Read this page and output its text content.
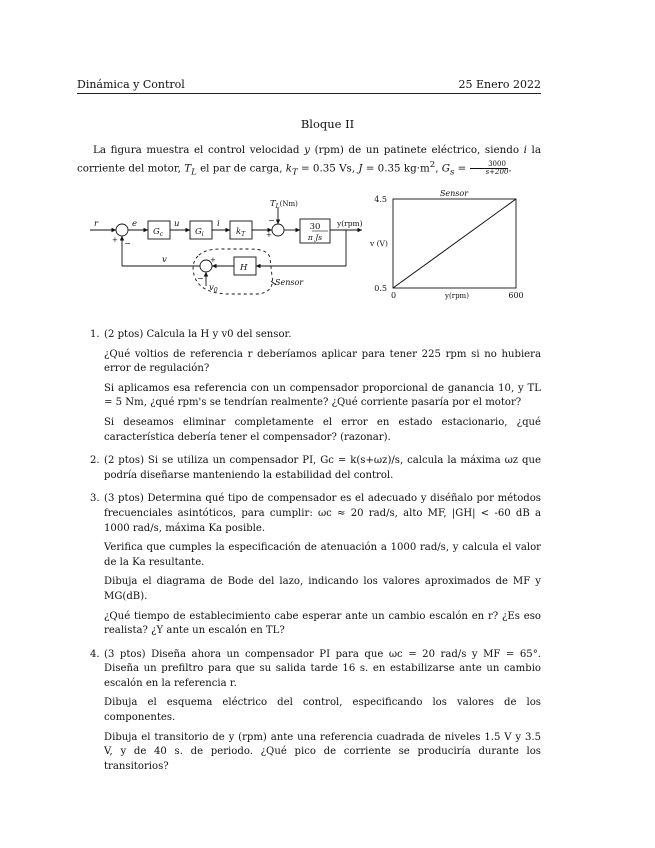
Dinámica y Control	25 Enero 2022
Bloque II
La figura muestra el control velocidad y (rpm) de un patinete eléctrico, siendo i la corriente del motor, $T_L$ el par de carga, $k_T = 0.35$ Vs, J = 0.35 $kg\cdot m^2$, $G_s = \frac{3000}{s+200}$ .
r	e	u	i
+ −
−
+
+
−
$G_c$	$G_i$	$k_T$
$T_L^{(Nm)}$
30
π Js
y(rpm)
v
H
$v_0$
Sensor
Sensor
4.5
0.5
v (V)
0	600
y(rpm)
1. (2 ptos) Calcula la H y v0 del sensor.

¿Qué voltios de referencia r deberíamos aplicar para tener 225 rpm si no hubiera error de regulación?

Si aplicamos esa referencia con un compensador proporcional de ganancia 10, y TL = 5 Nm, ¿qué rpm's se tendrían realmente? ¿Qué corriente pasaría por el motor?

Si deseamos eliminar completamente el error en estado estacionario, ¿qué característica debería tener el compensador? (razonar).

2. (2 ptos) Si se utiliza un compensador PI, Gc = k(s+ωz)/s, calcula la máxima ωz que podría diseñarse manteniendo la estabilidad del control.

3. (3 ptos) Determina qué tipo de compensador es el adecuado y diséñalo por métodos frecuenciales asintóticos, para cumplir: ωc ≈ 20 rad/s, alto MF, |GH| < -60 dB a 1000 rad/s, máxima Ka posible.

Verifica que cumples la especificación de atenuación a 1000 rad/s, y calcula el valor de la Ka resultante.

Dibuja el diagrama de Bode del lazo, indicando los valores aproximados de MF y MG(dB).

¿Qué tiempo de establecimiento cabe esperar ante un cambio escalón en r? ¿Es eso realista? ¿Y ante un escalón en TL?

4. (3 ptos) Diseña ahora un compensador PI para que ωc = 20 rad/s y MF = 65°. Diseña un prefiltro para que su salida tarde 16 s. en estabilizarse ante un cambio escalón en la referencia r.

Dibuja el esquema eléctrico del control, especificando los valores de los componentes.

Dibuja el transitorio de y (rpm) ante una referencia cuadrada de niveles 1.5 V y 3.5 V, y de 40 s. de periodo. ¿Qué pico de corriente se produciría durante los transitorios?
